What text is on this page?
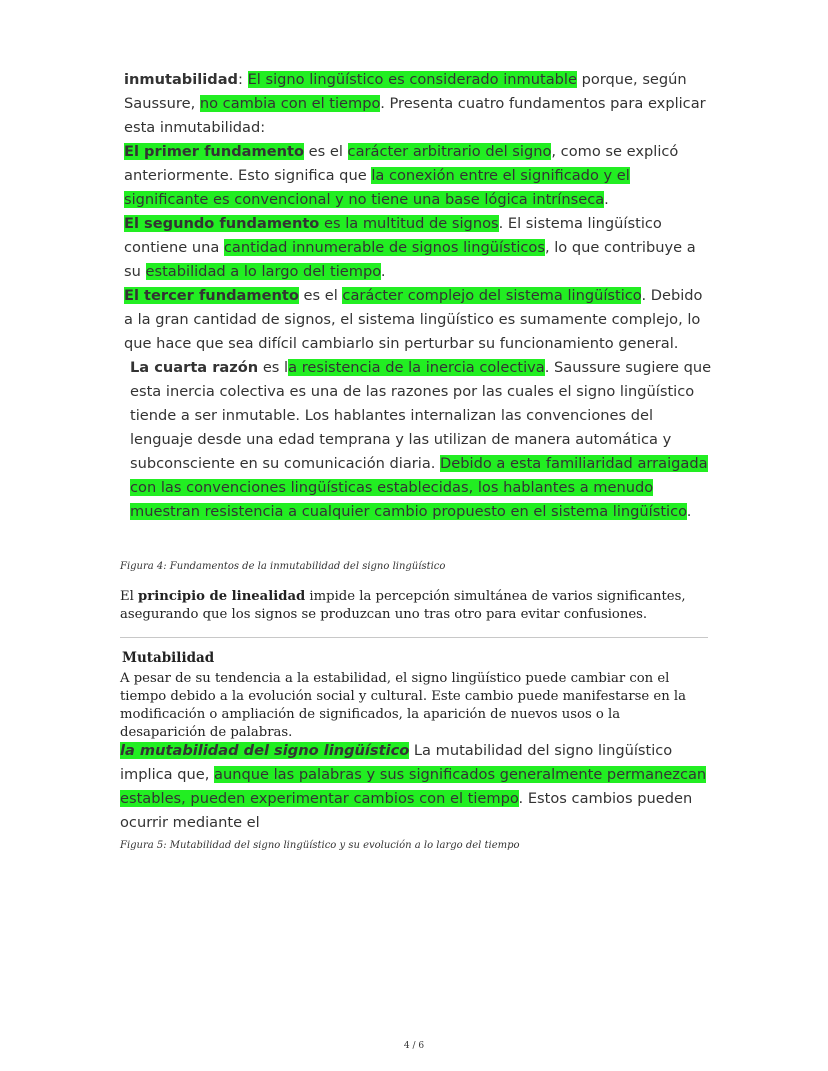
inmutabilidad: El signo lingüístico es considerado inmutable porque, según Saussure, no cambia con el tiempo. Presenta cuatro fundamentos para explicar esta inmutabilidad:

El primer fundamento es el carácter arbitrario del signo, como se explicó anteriormente. Esto significa que la conexión entre el significado y el significante es convencional y no tiene una base lógica intrínseca.

El segundo fundamento es la multitud de signos. El sistema lingüístico contiene una cantidad innumerable de signos lingüísticos, lo que contribuye a su estabilidad a lo largo del tiempo.

El tercer fundamento es el carácter complejo del sistema lingüístico. Debido a la gran cantidad de signos, el sistema lingüístico es sumamente complejo, lo que hace que sea difícil cambiarlo sin perturbar su funcionamiento general.

La cuarta razón es la resistencia de la inercia colectiva. Saussure sugiere que esta inercia colectiva es una de las razones por las cuales el signo lingüístico tiende a ser inmutable. Los hablantes internalizan las convenciones del lenguaje desde una edad temprana y las utilizan de manera automática y subconsciente en su comunicación diaria. Debido a esta familiaridad arraigada con las convenciones lingüísticas establecidas, los hablantes a menudo muestran resistencia a cualquier cambio propuesto en el sistema lingüístico.

Figura 4: Fundamentos de la inmutabilidad del signo lingüístico
El principio de linealidad impide la percepción simultánea de varios significantes, asegurando que los signos se produzcan uno tras otro para evitar confusiones.
Mutabilidad
A pesar de su tendencia a la estabilidad, el signo lingüístico puede cambiar con el tiempo debido a la evolución social y cultural. Este cambio puede manifestarse en la modificación o ampliación de significados, la aparición de nuevos usos o la desaparición de palabras.

la mutabilidad del signo lingüístico La mutabilidad del signo lingüístico implica que, aunque las palabras y sus significados generalmente permanezcan estables, pueden experimentar cambios con el tiempo. Estos cambios pueden ocurrir mediante el

Figura 5: Mutabilidad del signo lingüístico y su evolución a lo largo del tiempo
4 / 6
